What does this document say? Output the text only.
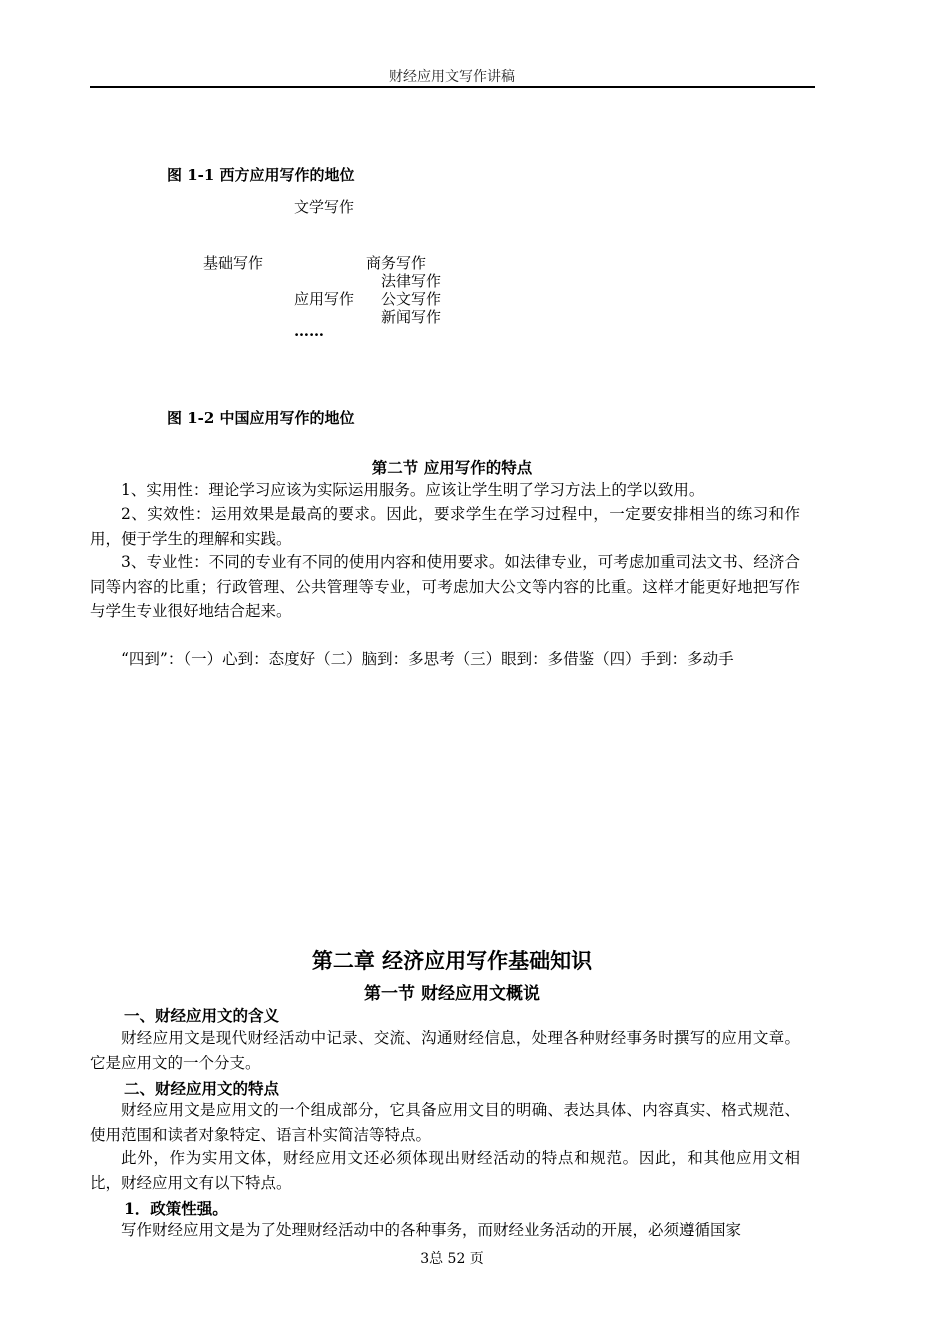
财经应用文写作讲稿
图 1-1 西方应用写作的地位
文学写作
基础写作	商务写作
法律写作
应用写作 公文写作
新闻写作
……
图 1-2 中国应用写作的地位
第二节 应用写作的特点
1、实用性：理论学习应该为实际运用服务。应该让学生明了学习方法上的学以致用。
2、实效性：运用效果是最高的要求。因此，要求学生在学习过程中，一定要安排相当的练习和作用，便于学生的理解和实践。
3、专业性：不同的专业有不同的使用内容和使用要求。如法律专业，可考虑加重司法文书、经济合同等内容的比重；行政管理、公共管理等专业，可考虑加大公文等内容的比重。这样才能更好地把写作与学生专业很好地结合起来。
“四到”：（一）心到：态度好（二）脑到：多思考（三）眼到：多借鉴（四）手到：多动手
第二章 经济应用写作基础知识
第一节 财经应用文概说
一、财经应用文的含义
财经应用文是现代财经活动中记录、交流、沟通财经信息，处理各种财经事务时撰写的应用文章。它是应用文的一个分支。
二、财经应用文的特点
财经应用文是应用文的一个组成部分，它具备应用文目的明确、表达具体、内容真实、格式规范、使用范围和读者对象特定、语言朴实简洁等特点。
此外，作为实用文体，财经应用文还必须体现出财经活动的特点和规范。因此，和其他应用文相比，财经应用文有以下特点。
1．政策性强。
写作财经应用文是为了处理财经活动中的各种事务，而财经业务活动的开展，必须遵循国家
3总 52 页
